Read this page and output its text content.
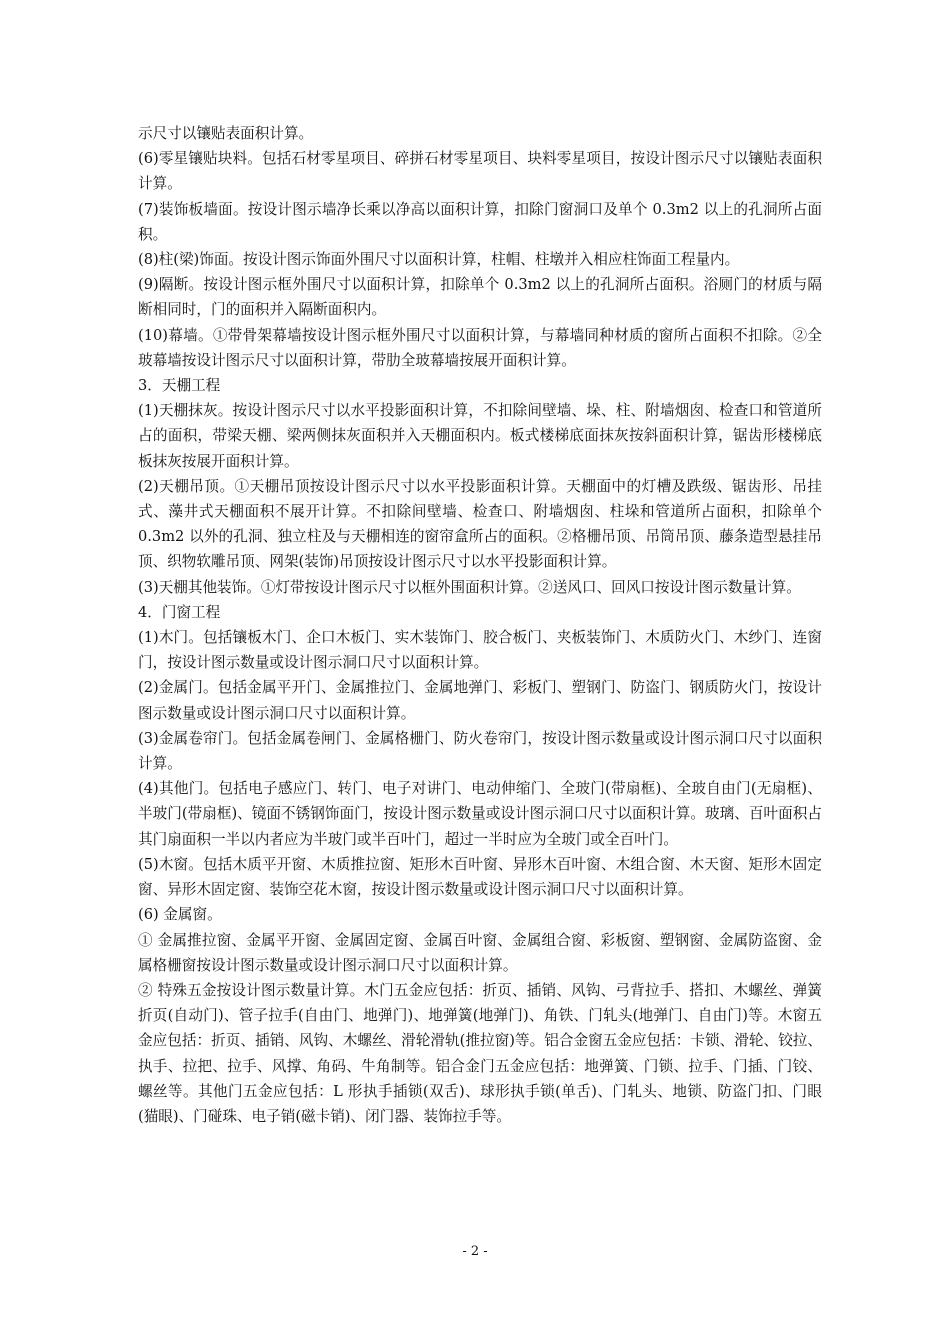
示尺寸以镶贴表面积计算。

(6)零星镶贴块料。包括石材零星项目、碎拼石材零星项目、块料零星项目，按设计图示尺寸以镶贴表面积计算。

(7)装饰板墙面。按设计图示墙净长乘以净高以面积计算，扣除门窗洞口及单个 0.3m2 以上的孔洞所占面积。

(8)柱(梁)饰面。按设计图示饰面外围尺寸以面积计算，柱帽、柱墩并入相应柱饰面工程量内。

(9)隔断。按设计图示框外围尺寸以面积计算，扣除单个 0.3m2 以上的孔洞所占面积。浴厕门的材质与隔断相同时，门的面积并入隔断面积内。

(10)幕墙。①带骨架幕墙按设计图示框外围尺寸以面积计算，与幕墙同种材质的窗所占面积不扣除。②全玻幕墙按设计图示尺寸以面积计算，带肋全玻幕墙按展开面积计算。

3．天棚工程

(1)天棚抹灰。按设计图示尺寸以水平投影面积计算，不扣除间壁墙、垛、柱、附墙烟囱、检查口和管道所占的面积，带梁天棚、梁两侧抹灰面积并入天棚面积内。板式楼梯底面抹灰按斜面积计算，锯齿形楼梯底板抹灰按展开面积计算。

(2)天棚吊顶。①天棚吊顶按设计图示尺寸以水平投影面积计算。天棚面中的灯槽及跌级、锯齿形、吊挂式、藻井式天棚面积不展开计算。不扣除间壁墙、检查口、附墙烟囱、柱垛和管道所占面积，扣除单个 0.3m2 以外的孔洞、独立柱及与天棚相连的窗帘盒所占的面积。②格栅吊顶、吊筒吊顶、藤条造型悬挂吊顶、织物软雕吊顶、网架(装饰)吊顶按设计图示尺寸以水平投影面积计算。

(3)天棚其他装饰。①灯带按设计图示尺寸以框外围面积计算。②送风口、回风口按设计图示数量计算。

4．门窗工程

(1)木门。包括镶板木门、企口木板门、实木装饰门、胶合板门、夹板装饰门、木质防火门、木纱门、连窗门，按设计图示数量或设计图示洞口尺寸以面积计算。

(2)金属门。包括金属平开门、金属推拉门、金属地弹门、彩板门、塑钢门、防盗门、钢质防火门，按设计图示数量或设计图示洞口尺寸以面积计算。

(3)金属卷帘门。包括金属卷闸门、金属格栅门、防火卷帘门，按设计图示数量或设计图示洞口尺寸以面积计算。

(4)其他门。包括电子感应门、转门、电子对讲门、电动伸缩门、全玻门(带扇框)、全玻自由门(无扇框)、半玻门(带扇框)、镜面不锈钢饰面门，按设计图示数量或设计图示洞口尺寸以面积计算。玻璃、百叶面积占其门扇面积一半以内者应为半玻门或半百叶门，超过一半时应为全玻门或全百叶门。

(5)木窗。包括木质平开窗、木质推拉窗、矩形木百叶窗、异形木百叶窗、木组合窗、木天窗、矩形木固定窗、异形木固定窗、装饰空花木窗，按设计图示数量或设计图示洞口尺寸以面积计算。

(6) 金属窗。

① 金属推拉窗、金属平开窗、金属固定窗、金属百叶窗、金属组合窗、彩板窗、塑钢窗、金属防盗窗、金属格栅窗按设计图示数量或设计图示洞口尺寸以面积计算。

② 特殊五金按设计图示数量计算。木门五金应包括：折页、插销、风钩、弓背拉手、搭扣、木螺丝、弹簧折页(自动门)、管子拉手(自由门、地弹门)、地弹簧(地弹门)、角铁、门轧头(地弹门、自由门)等。木窗五金应包括：折页、插销、风钩、木螺丝、滑轮滑轨(推拉窗)等。铝合金窗五金应包括：卡锁、滑轮、铰拉、执手、拉把、拉手、风撑、角码、牛角制等。铝合金门五金应包括：地弹簧、门锁、拉手、门插、门铰、螺丝等。其他门五金应包括：L 形执手插锁(双舌)、球形执手锁(单舌)、门轧头、地锁、防盗门扣、门眼(猫眼)、门碰珠、电子销(磁卡销)、闭门器、装饰拉手等。

- 2 -
